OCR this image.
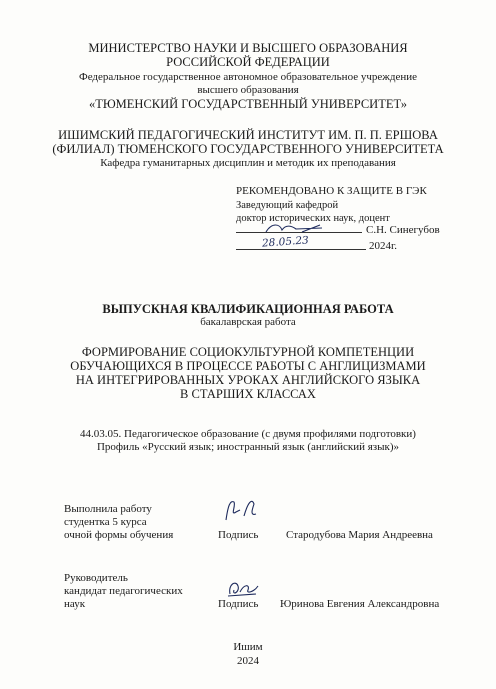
МИНИСТЕРСТВО НАУКИ И ВЫСШЕГО ОБРАЗОВАНИЯ
РОССИЙСКОЙ ФЕДЕРАЦИИ
Федеральное государственное автономное образовательное учреждение
высшего образования
«ТЮМЕНСКИЙ ГОСУДАРСТВЕННЫЙ УНИВЕРСИТЕТ»
ИШИМСКИЙ ПЕДАГОГИЧЕСКИЙ ИНСТИТУТ ИМ. П. П. ЕРШОВА
(ФИЛИАЛ) ТЮМЕНСКОГО ГОСУДАРСТВЕННОГО УНИВЕРСИТЕТА
Кафедра гуманитарных дисциплин и методик их преподавания
РЕКОМЕНДОВАНО К ЗАЩИТЕ В ГЭК
Заведующий кафедрой
доктор исторических наук, доцент
С.Н. Синегубов
28.05.23	2024г.
ВЫПУСКНАЯ КВАЛИФИКАЦИОННАЯ РАБОТА
бакалаврская работа
ФОРМИРОВАНИЕ СОЦИОКУЛЬТУРНОЙ КОМПЕТЕНЦИИ
ОБУЧАЮЩИХСЯ В ПРОЦЕССЕ РАБОТЫ С АНГЛИЦИЗМАМИ
НА ИНТЕГРИРОВАННЫХ УРОКАХ АНГЛИЙСКОГО ЯЗЫКА
В СТАРШИХ КЛАССАХ
44.03.05. Педагогическое образование (с двумя профилями подготовки)
Профиль «Русский язык; иностранный язык (английский язык)»
Выполнила работу
студентка 5 курса
очной формы обучения	Подпись	Стародубова Мария Андреевна
Руководитель
кандидат педагогических
наук	Подпись Юринова Евгения Александровна
Ишим
2024
